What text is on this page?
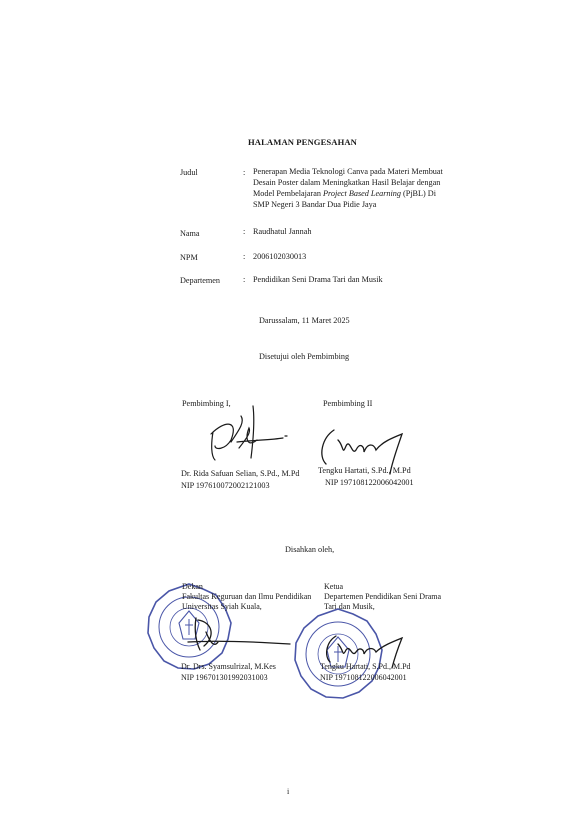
HALAMAN PENGESAHAN
Judul	: Penerapan Media Teknologi Canva pada Materi Membuat
Desain Poster dalam Meningkatkan Hasil Belajar dengan
Model Pembelajaran Project Based Learning (PjBL) Di
SMP Negeri 3 Bandar Dua Pidie Jaya
Nama	: Raudhatul Jannah
NPM	: 2006102030013
Departemen	: Pendidikan Seni Drama Tari dan Musik
Darussalam, 11 Maret 2025
Disetujui oleh Pembimbing
Pembimbing I,
Dr. Rida Safuan Selian, S.Pd., M.Pd
NIP 197610072002121003
Pembimbing II
Tengku Hartati, S.Pd., M.Pd
NIP 197108122006042001
Disahkan oleh,
Dekan
Fakultas Keguruan dan Ilmu Pendidikan
Universitas Syiah Kuala,
Dr. Drs. Syamsulrizal, M.Kes
NIP 196701301992031003
Ketua
Departemen Pendidikan Seni Drama
Tari dan Musik,
Tengku Hartati, S.Pd., M.Pd
NIP 197108122006042001
i
